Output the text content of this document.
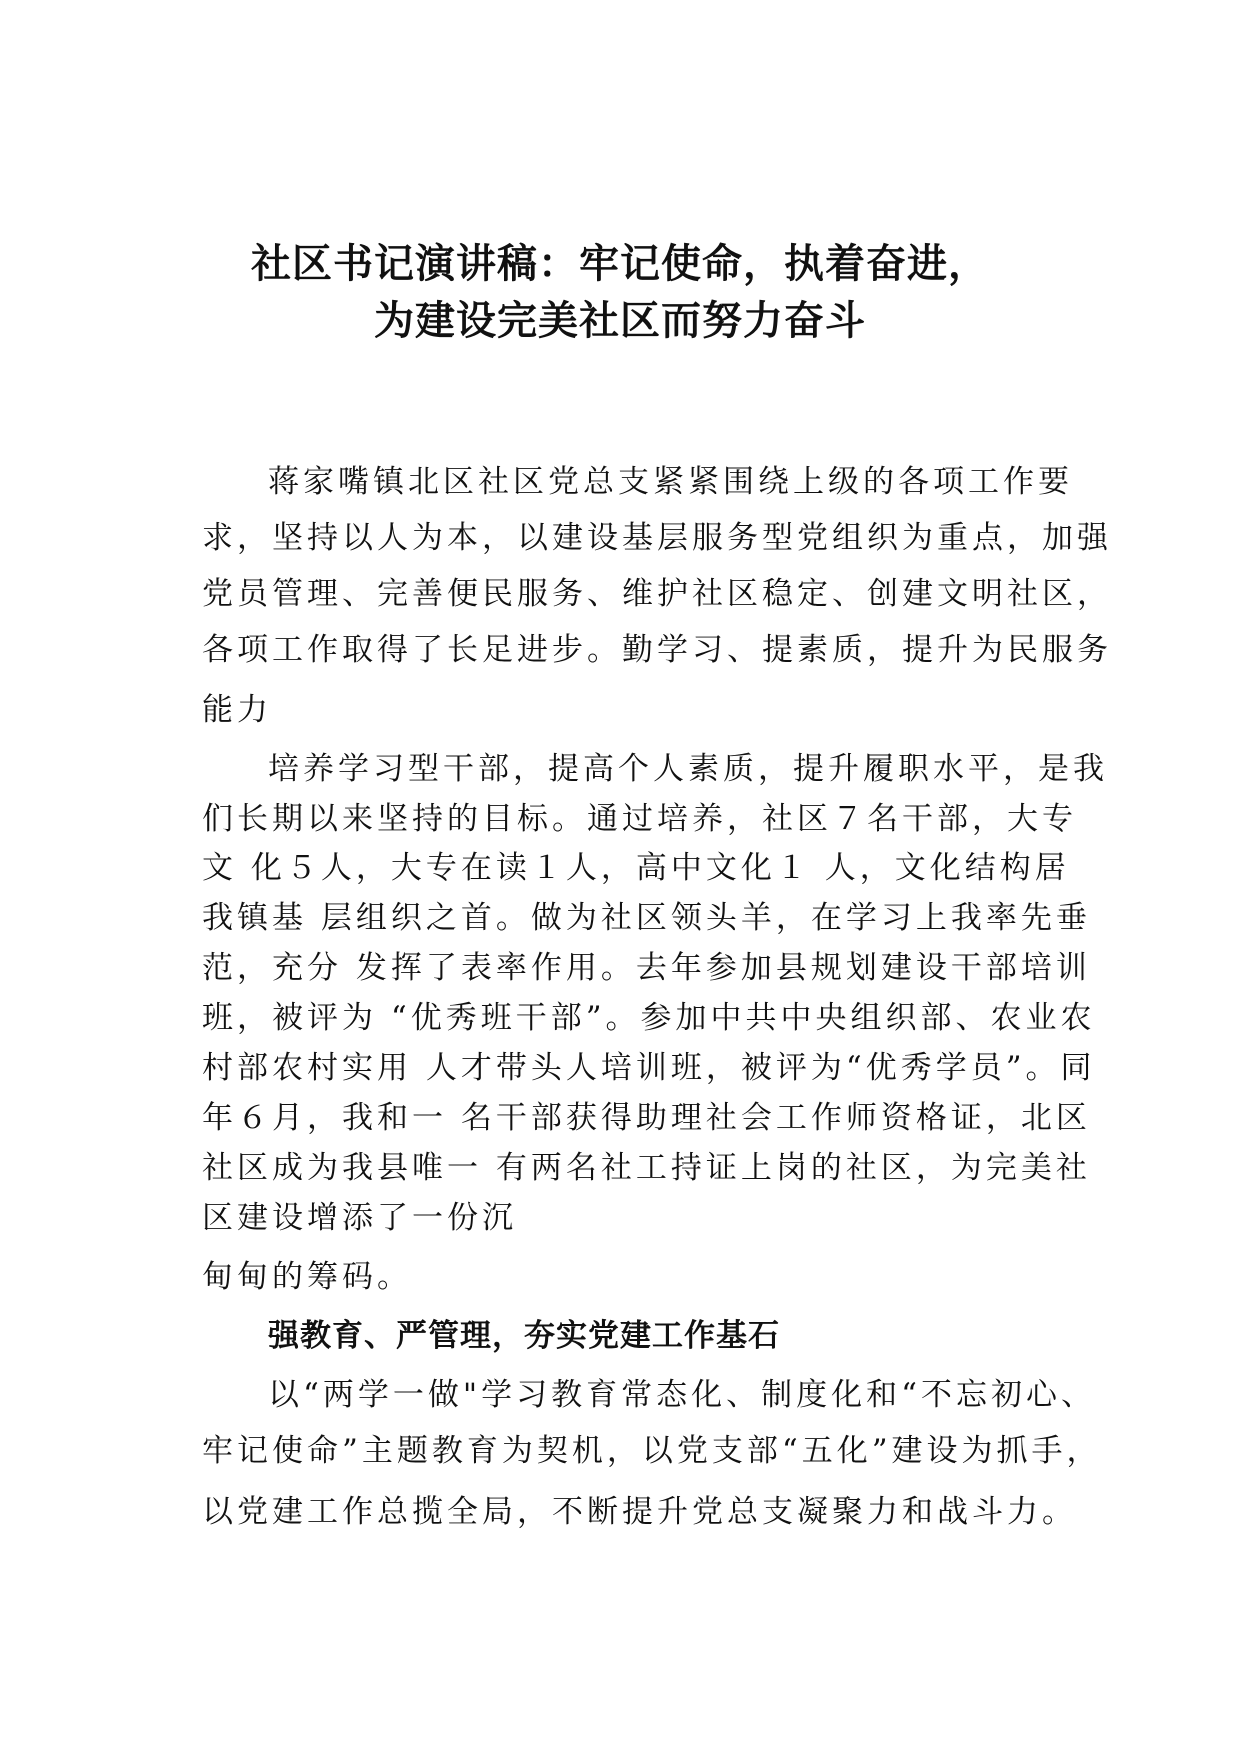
社区书记演讲稿：牢记使命，执着奋进，
为建设完美社区而努力奋斗
蒋家嘴镇北区社区党总支紧紧围绕上级的各项工作要
求，坚持以人为本，以建设基层服务型党组织为重点，加强
党员管理、完善便民服务、维护社区稳定、创建文明社区，
各项工作取得了长足进步。勤学习、提素质，提升为民服务
能力
培养学习型干部，提高个人素质，提升履职水平，是我
们长期以来坚持的目标。通过培养，社区７名干部，大专
文 化５人，大专在读１人，高中文化１ 人，文化结构居
我镇基 层组织之首。做为社区领头羊，在学习上我率先垂
范，充分 发挥了表率作用。去年参加县规划建设干部培训
班，被评为 “优秀班干部”。参加中共中央组织部、农业农
村部农村实用 人才带头人培训班，被评为“优秀学员”。同
年６月，我和一 名干部获得助理社会工作师资格证，北区
社区成为我县唯一 有两名社工持证上岗的社区，为完美社
区建设增添了一份沉
甸甸的筹码。
强教育、严管理，夯实党建工作基石
以“两学一做"学习教育常态化、制度化和“不忘初心、
牢记使命”主题教育为契机，以党支部“五化”建设为抓手，
以党建工作总揽全局，不断提升党总支凝聚力和战斗力。
